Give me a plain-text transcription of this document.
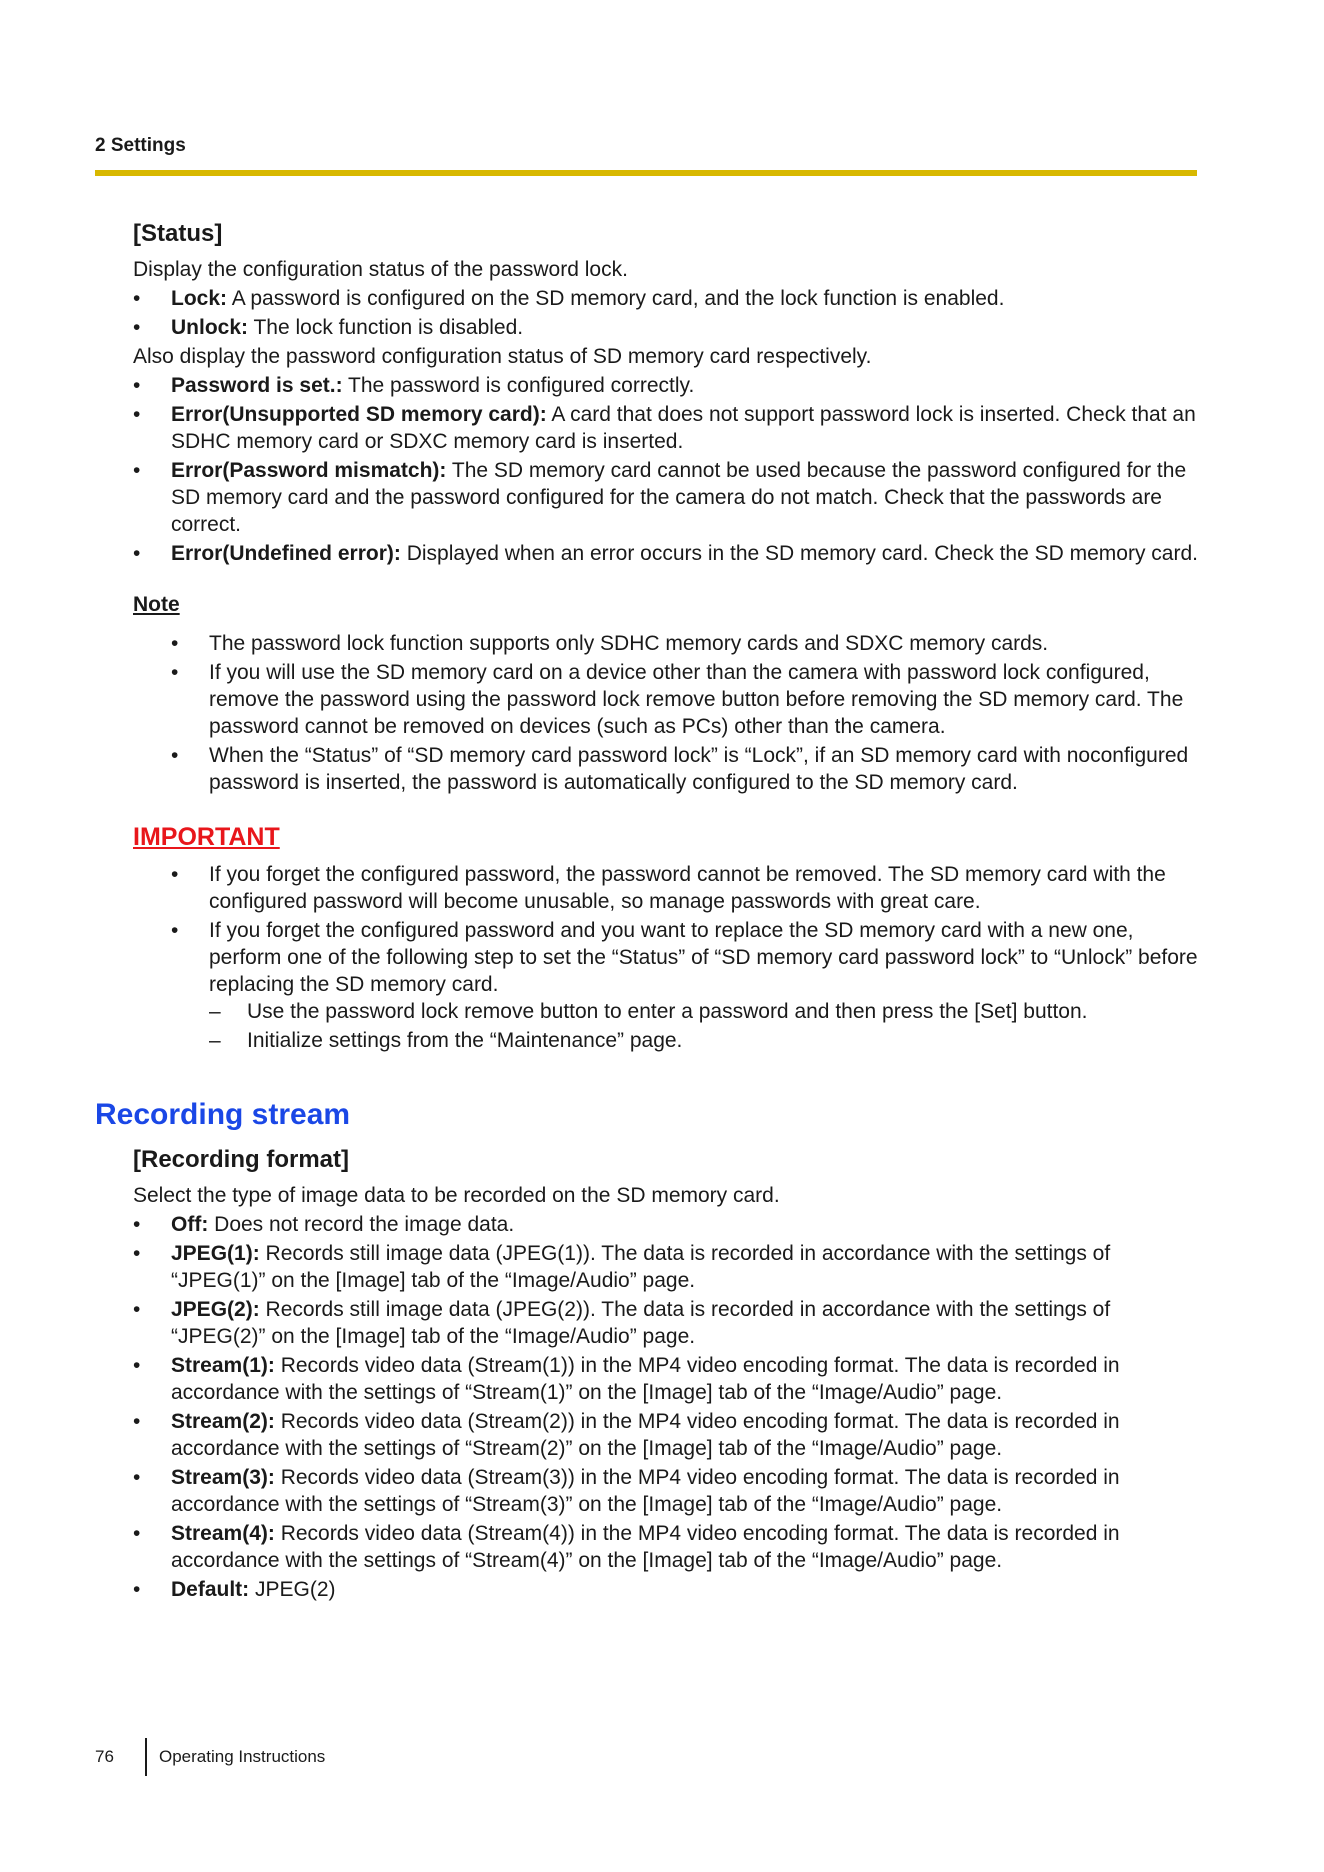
2 Settings
[Status]

Display the configuration status of the password lock.

• Lock: A password is configured on the SD memory card, and the lock function is enabled.
• Unlock: The lock function is disabled.

Also display the password configuration status of SD memory card respectively.

• Password is set.: The password is configured correctly.
• Error(Unsupported SD memory card): A card that does not support password lock is inserted. Check that an SDHC memory card or SDXC memory card is inserted.
• Error(Password mismatch): The SD memory card cannot be used because the password configured for the SD memory card and the password configured for the camera do not match. Check that the passwords are correct.
• Error(Undefined error): Displayed when an error occurs in the SD memory card. Check the SD memory card.
Note
• The password lock function supports only SDHC memory cards and SDXC memory cards.
• If you will use the SD memory card on a device other than the camera with password lock configured, remove the password using the password lock remove button before removing the SD memory card. The password cannot be removed on devices (such as PCs) other than the camera.
• When the “Status” of “SD memory card password lock” is “Lock”, if an SD memory card with noconfigured password is inserted, the password is automatically configured to the SD memory card.
IMPORTANT
• If you forget the configured password, the password cannot be removed. The SD memory card with the configured password will become unusable, so manage passwords with great care.
• If you forget the configured password and you want to replace the SD memory card with a new one, perform one of the following step to set the “Status” of “SD memory card password lock” to “Unlock” before replacing the SD memory card.
– Use the password lock remove button to enter a password and then press the [Set] button.
– Initialize settings from the “Maintenance” page.
Recording stream
[Recording format]

Select the type of image data to be recorded on the SD memory card.

• Off: Does not record the image data.
• JPEG(1): Records still image data (JPEG(1)). The data is recorded in accordance with the settings of “JPEG(1)” on the [Image] tab of the “Image/Audio” page.
• JPEG(2): Records still image data (JPEG(2)). The data is recorded in accordance with the settings of “JPEG(2)” on the [Image] tab of the “Image/Audio” page.
• Stream(1): Records video data (Stream(1)) in the MP4 video encoding format. The data is recorded in accordance with the settings of “Stream(1)” on the [Image] tab of the “Image/Audio” page.
• Stream(2): Records video data (Stream(2)) in the MP4 video encoding format. The data is recorded in accordance with the settings of “Stream(2)” on the [Image] tab of the “Image/Audio” page.
• Stream(3): Records video data (Stream(3)) in the MP4 video encoding format. The data is recorded in accordance with the settings of “Stream(3)” on the [Image] tab of the “Image/Audio” page.
• Stream(4): Records video data (Stream(4)) in the MP4 video encoding format. The data is recorded in accordance with the settings of “Stream(4)” on the [Image] tab of the “Image/Audio” page.
• Default: JPEG(2)
76	Operating Instructions
